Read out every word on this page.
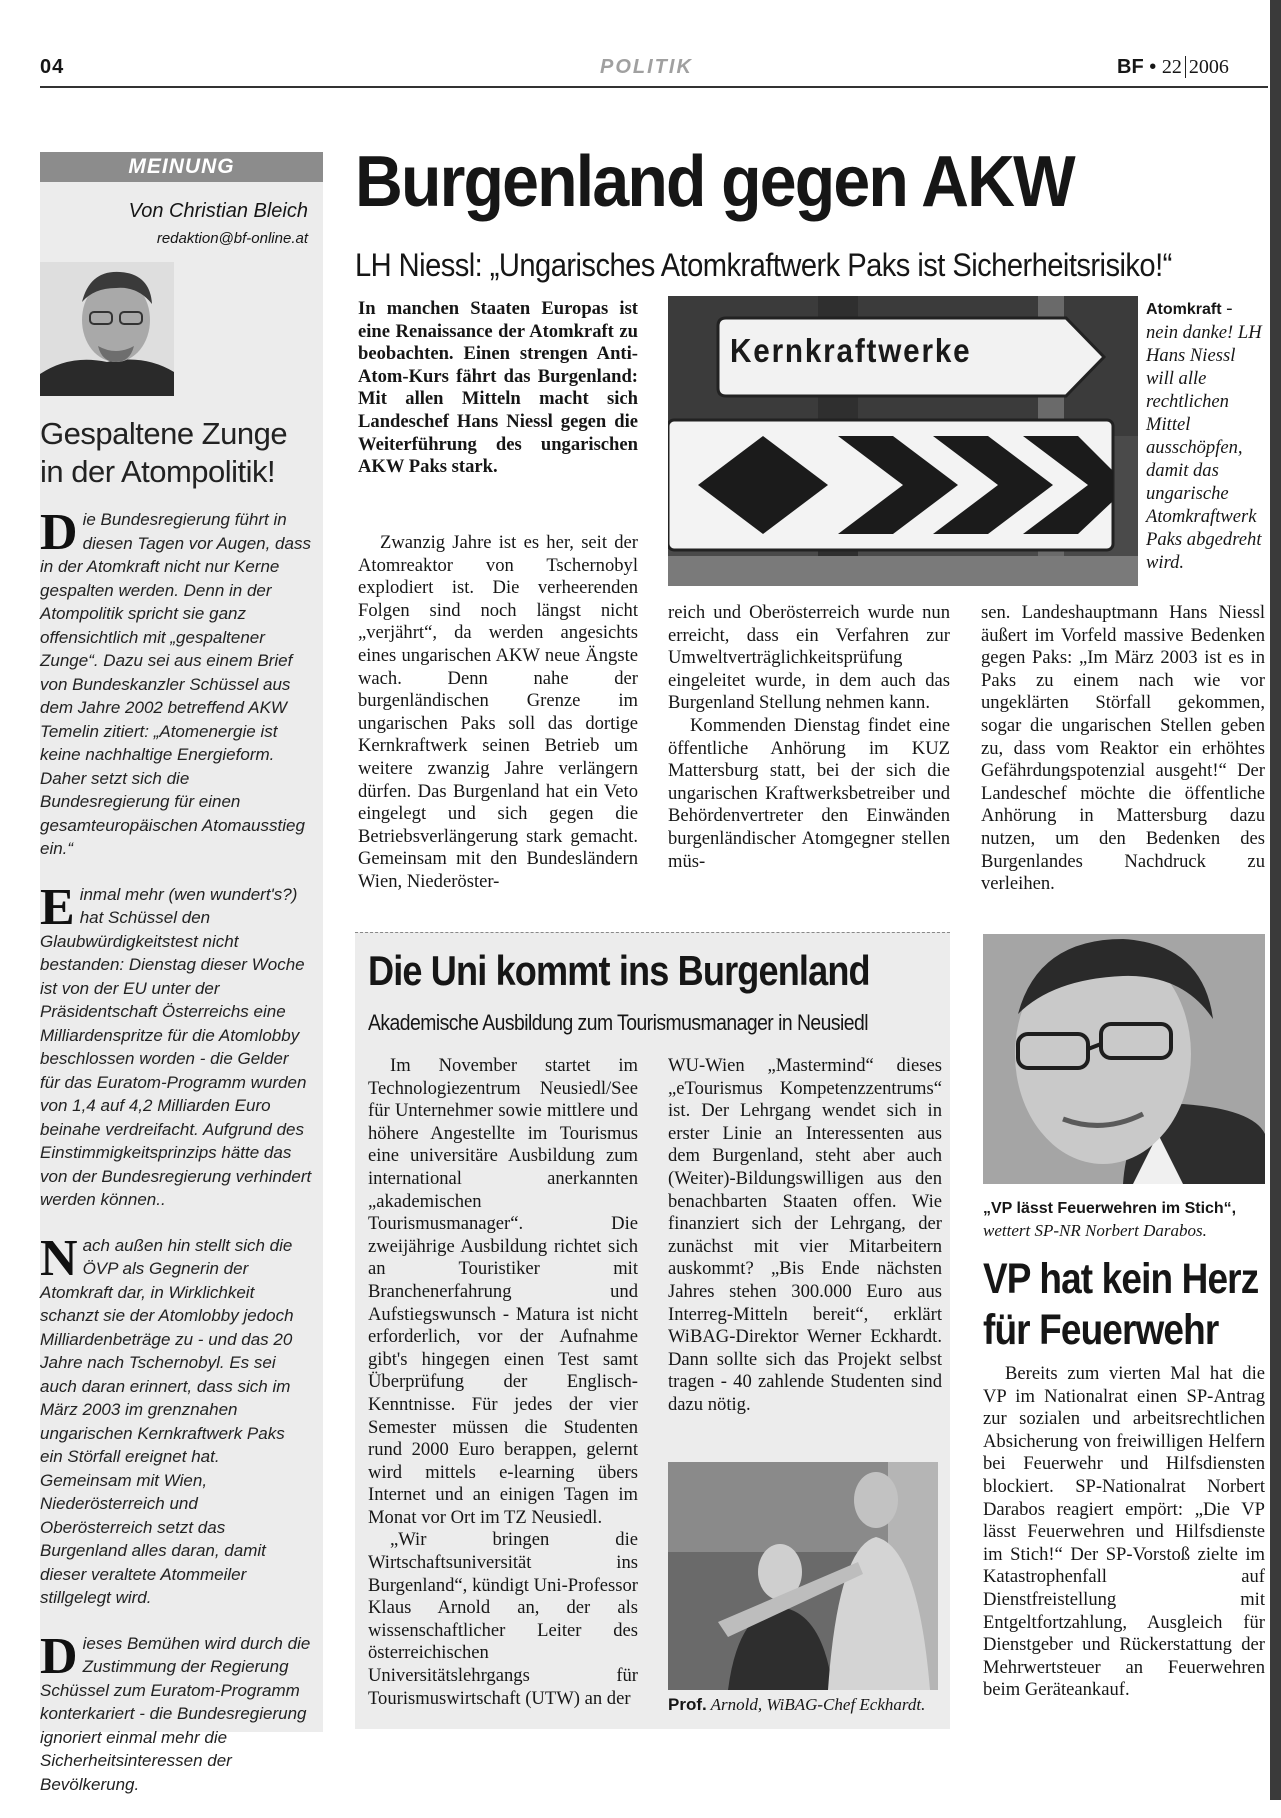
04	POLITIK	BF • 22 2006
MEINUNG
Von Christian Bleich
redaktion@bf-online.at
Gespaltene Zunge
in der Atompolitik!

Die Bundesregierung führt in diesen Tagen vor Augen, dass in der Atomkraft nicht nur Kerne gespalten werden. Denn in der Atompolitik spricht sie ganz offensichtlich mit „gespaltener Zunge“. Dazu sei aus einem Brief von Bundeskanzler Schüssel aus dem Jahre 2002 betreffend AKW Temelin zitiert: „Atomenergie ist keine nachhaltige Energieform. Daher setzt sich die Bundesregierung für einen gesamteuropäischen Atomausstieg ein.“

Einmal mehr (wen wundert's?) hat Schüssel den Glaubwürdigkeitstest nicht bestanden: Dienstag dieser Woche ist von der EU unter der Präsidentschaft Österreichs eine Milliardenspritze für die Atomlobby beschlossen worden - die Gelder für das Euratom-Programm wurden von 1,4 auf 4,2 Milliarden Euro beinahe verdreifacht. Aufgrund des Einstimmigkeitsprinzips hätte das von der Bundesregierung verhindert werden können..

Nach außen hin stellt sich die ÖVP als Gegnerin der Atomkraft dar, in Wirklichkeit schanzt sie der Atomlobby jedoch Milliardenbeträge zu - und das 20 Jahre nach Tschernobyl. Es sei auch daran erinnert, dass sich im März 2003 im grenznahen ungarischen Kernkraftwerk Paks ein Störfall ereignet hat. Gemeinsam mit Wien, Niederösterreich und Oberösterreich setzt das Burgenland alles daran, damit dieser veraltete Atommeiler stillgelegt wird.

Dieses Bemühen wird durch die Zustimmung der Regierung Schüssel zum Euratom-Programm konterkariert - die Bundesregierung ignoriert einmal mehr die Sicherheitsinteressen der Bevölkerung.

Burgenland gegen AKW
LH Niessl: „Ungarisches Atomkraftwerk Paks ist Sicherheitsrisiko!“
In manchen Staaten Europas ist eine Renaissance der Atomkraft zu beobachten. Einen strengen Anti-Atom-Kurs fährt das Burgenland: Mit allen Mitteln macht sich Landeschef Hans Niessl gegen die Weiterführung des ungarischen AKW Paks stark.

Zwanzig Jahre ist es her, seit der Atomreaktor von Tschernobyl explodiert ist. Die verheerenden Folgen sind noch längst nicht „verjährt“, da werden angesichts eines ungarischen AKW neue Ängste wach. Denn nahe der burgenländischen Grenze im ungarischen Paks soll das dortige Kernkraftwerk seinen Betrieb um weitere zwanzig Jahre verlängern dürfen. Das Burgenland hat ein Veto eingelegt und sich gegen die Betriebsverlängerung stark gemacht. Gemeinsam mit den Bundesländern Wien, Niederöster-

Kernkraftwerke
Atomkraft - nein danke! LH Hans Niessl will alle rechtlichen Mittel ausschöpfen, damit das ungarische Atomkraftwerk Paks abgedreht wird.

reich und Oberösterreich wurde nun erreicht, dass ein Verfahren zur Umweltverträglichkeitsprüfung eingeleitet wurde, in dem auch das Burgenland Stellung nehmen kann.

Kommenden Dienstag findet eine öffentliche Anhörung im KUZ Mattersburg statt, bei der sich die ungarischen Kraftwerksbetreiber und Behördenvertreter den Einwänden burgenländischer Atomgegner stellen müs-

sen. Landeshauptmann Hans Niessl äußert im Vorfeld massive Bedenken gegen Paks: „Im März 2003 ist es in Paks zu einem nach wie vor ungeklärten Störfall gekommen, sogar die ungarischen Stellen geben zu, dass vom Reaktor ein erhöhtes Gefährdungspotenzial ausgeht!“ Der Landeschef möchte die öffentliche Anhörung in Mattersburg dazu nutzen, um den Bedenken des Burgenlandes Nachdruck zu verleihen.

Die Uni kommt ins Burgenland
Akademische Ausbildung zum Tourismusmanager in Neusiedl

Im November startet im Technologiezentrum Neusiedl/See für Unternehmer sowie mittlere und höhere Angestellte im Tourismus eine universitäre Ausbildung zum international anerkannten „akademischen Tourismusmanager“. Die zweijährige Ausbildung richtet sich an Touristiker mit Branchenerfahrung und Aufstiegswunsch - Matura ist nicht erforderlich, vor der Aufnahme gibt's hingegen einen Test samt Überprüfung der Englisch-Kenntnisse. Für jedes der vier Semester müssen die Studenten rund 2000 Euro berappen, gelernt wird mittels e-learning übers Internet und an einigen Tagen im Monat vor Ort im TZ Neusiedl.

„Wir bringen die Wirtschaftsuniversität ins Burgenland“, kündigt Uni-Professor Klaus Arnold an, der als wissenschaftlicher Leiter des österreichischen Universitätslehrgangs für Tourismuswirtschaft (UTW) an der

WU-Wien „Mastermind“ dieses „eTourismus Kompetenzzentrums“ ist. Der Lehrgang wendet sich in erster Linie an Interessenten aus dem Burgenland, steht aber auch (Weiter)-Bildungswilligen aus den benachbarten Staaten offen. Wie finanziert sich der Lehrgang, der zunächst mit vier Mitarbeitern auskommt? „Bis Ende nächsten Jahres stehen 300.000 Euro aus Interreg-Mitteln bereit“, erklärt WiBAG-Direktor Werner Eckhardt. Dann sollte sich das Projekt selbst tragen - 40 zahlende Studenten sind dazu nötig.

Prof. Arnold, WiBAG-Chef Eckhardt.
„VP lässt Feuerwehren im Stich“,
wettert SP-NR Norbert Darabos.
VP hat kein Herz
für Feuerwehr

Bereits zum vierten Mal hat die VP im Nationalrat einen SP-Antrag zur sozialen und arbeitsrechtlichen Absicherung von freiwilligen Helfern bei Feuerwehr und Hilfsdiensten blockiert. SP-Nationalrat Norbert Darabos reagiert empört: „Die VP lässt Feuerwehren und Hilfsdienste im Stich!“ Der SP-Vorstoß zielte im Katastrophenfall auf Dienstfreistellung mit Entgeltfortzahlung, Ausgleich für Dienstgeber und Rückerstattung der Mehrwertsteuer an Feuerwehren beim Geräteankauf.
